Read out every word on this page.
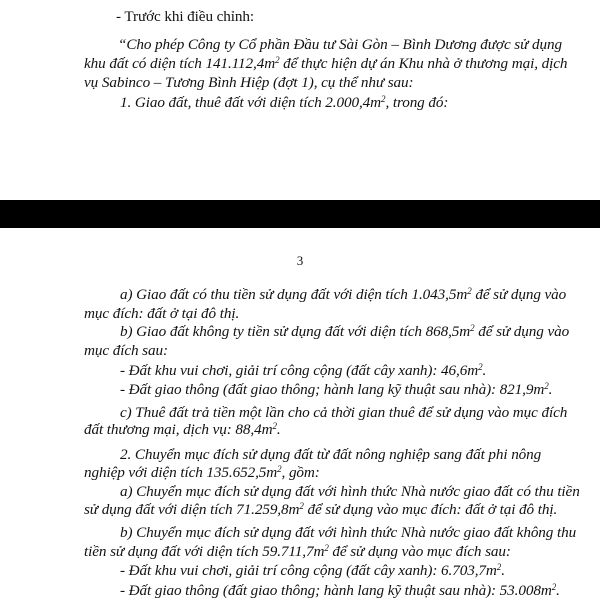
- Trước khi điều chỉnh:
“Cho phép Công ty Cổ phần Đầu tư Sài Gòn – Bình Dương được sử dụng
khu đất có diện tích $141.112,4m^2$ để thực hiện dự án Khu nhà ở thương mại, dịch
vụ Sabinco – Tương Bình Hiệp (đợt 1), cụ thể như sau:
1. Giao đất, thuê đất với diện tích $2.000,4m^2$, trong đó:
3
a) Giao đất có thu tiền sử dụng đất với diện tích $1.043,5m^2$ để sử dụng vào
mục đích: đất ở tại đô thị.
b) Giao đất không ty tiền sử dụng đất với diện tích $868,5m^2$ để sử dụng vào
mục đích sau:
- Đất khu vui chơi, giải trí công cộng (đất cây xanh): $46,6m^2$.
- Đất giao thông (đất giao thông; hành lang kỹ thuật sau nhà): $821,9m^2$.
c) Thuê đất trả tiền một lần cho cả thời gian thuê để sử dụng vào mục đích
đất thương mại, dịch vụ: $88,4m^2$.
2. Chuyển mục đích sử dụng đất từ đất nông nghiệp sang đất phi nông
nghiệp với diện tích $135.652,5m^2$, gồm:
a) Chuyển mục đích sử dụng đất với hình thức Nhà nước giao đất có thu tiền
sử dụng đất với diện tích $71.259,8m^2$ để sử dụng vào mục đích: đất ở tại đô thị.
b) Chuyển mục đích sử dụng đất với hình thức Nhà nước giao đất không thu
tiền sử dụng đất với diện tích $59.711,7m^2$ để sử dụng vào mục đích sau:
- Đất khu vui chơi, giải trí công cộng (đất cây xanh): $6.703,7m^2$.
- Đất giao thông (đất giao thông; hành lang kỹ thuật sau nhà): $53.008m^2$.
